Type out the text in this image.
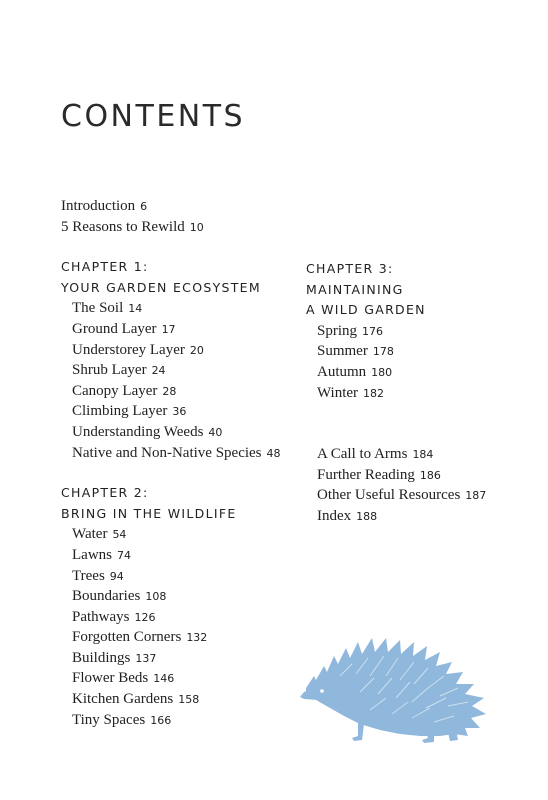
CONTENTS
Introduction 6
5 Reasons to Rewild 10
CHAPTER 1:
YOUR GARDEN ECOSYSTEM
The Soil 14
Ground Layer 17
Understorey Layer 20
Shrub Layer 24
Canopy Layer 28
Climbing Layer 36
Understanding Weeds 40
Native and Non-Native Species 48
CHAPTER 2:
BRING IN THE WILDLIFE
Water 54
Lawns 74
Trees 94
Boundaries 108
Pathways 126
Forgotten Corners 132
Buildings 137
Flower Beds 146
Kitchen Gardens 158
Tiny Spaces 166
CHAPTER 3:
MAINTAINING
A WILD GARDEN
Spring 176
Summer 178
Autumn 180
Winter 182
A Call to Arms 184
Further Reading 186
Other Useful Resources 187
Index 188
